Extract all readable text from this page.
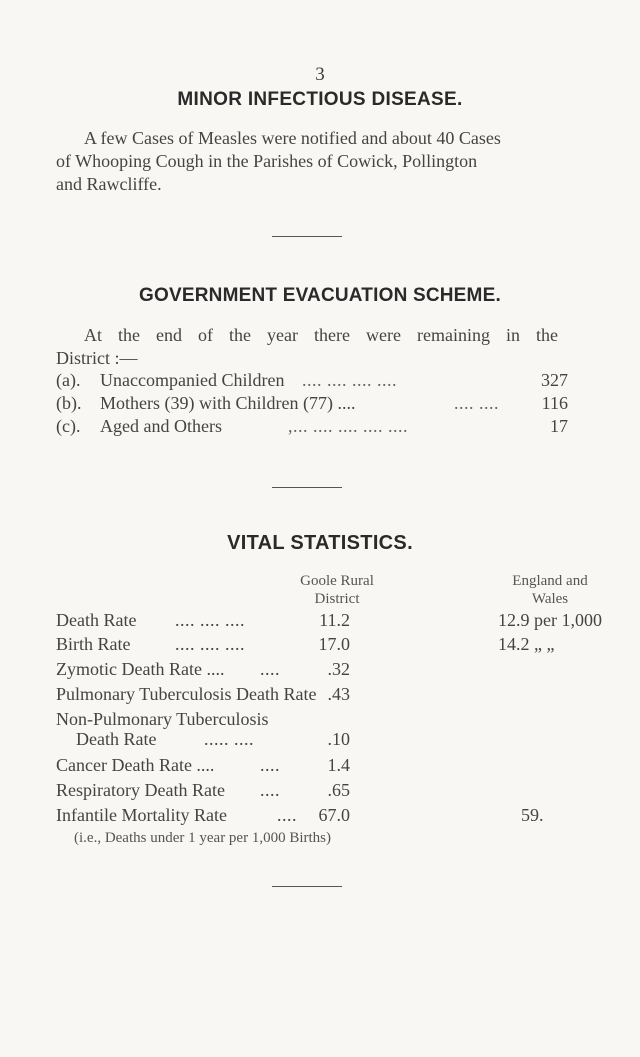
3
MINOR INFECTIOUS DISEASE.
A few Cases of Measles were notified and about 40 Cases
of Whooping Cough in the Parishes of Cowick, Pollington
and Rawcliffe.
GOVERNMENT EVACUATION SCHEME.
At the end of the year there were remaining in the
District :—
(a). Unaccompanied Children .... .... .... ....	327
(b). Mothers (39) with Children (77) ....	.... ....	116
(c). Aged and Others	,... .... .... .... ....	17
VITAL STATISTICS.
Goole Rural
District
England and
Wales
Death Rate .... .... ....	11.2	12.9 per 1,000
Birth Rate .... .... ....	17.0	14.2 „ „
Zymotic Death Rate .... ....	.32
Pulmonary Tuberculosis Death Rate .43
Non-Pulmonary Tuberculosis
Death Rate	..... ....	.10
Cancer Death Rate ....	....	1.4
Respiratory Death Rate ....	.65
Infantile Mortality Rate	....	67.0	59.
(i.e., Deaths under 1 year per 1,000 Births)
